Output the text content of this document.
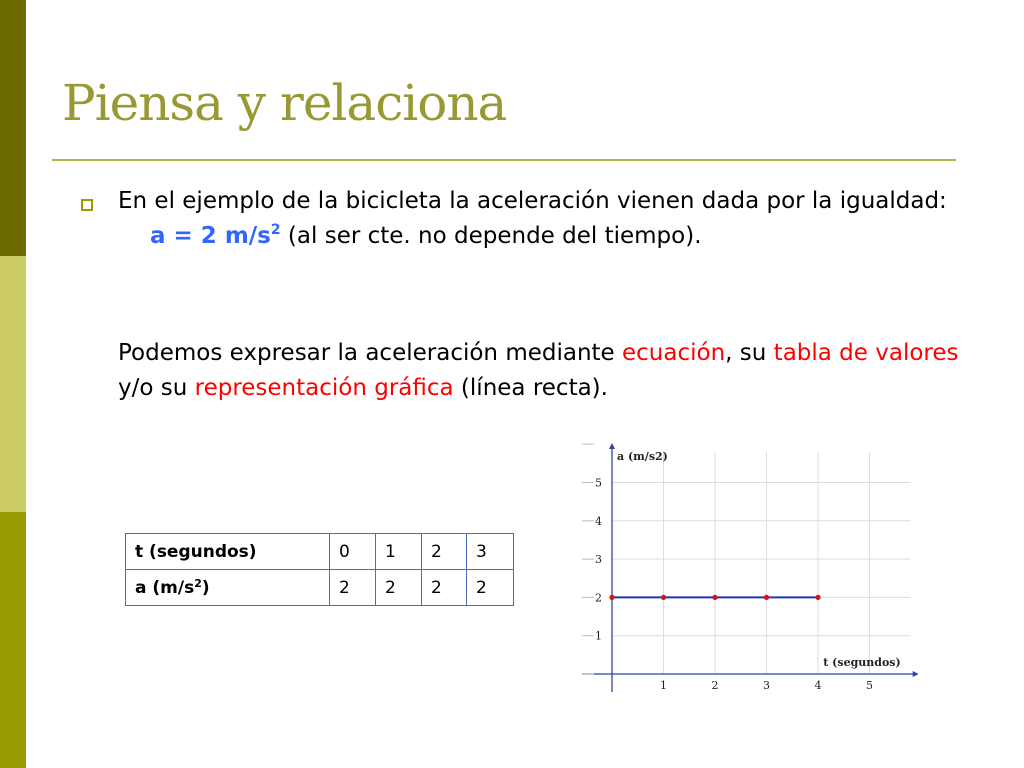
Piensa y relaciona

En el ejemplo de la bicicleta la aceleración vienen dada por la igualdad:a = 2 $m/s^2$ (al ser cte. no depende del tiempo).

Podemos expresar la aceleración mediante ecuación, su tabla de valores y/o su representación gráfica (línea recta).

t (segundos)	0	1	2	3
a $(m/s^2)$	2	2	2	2
1	2	3	4	5
1
2
3
4
5
a (m/s2)
t (segundos)
